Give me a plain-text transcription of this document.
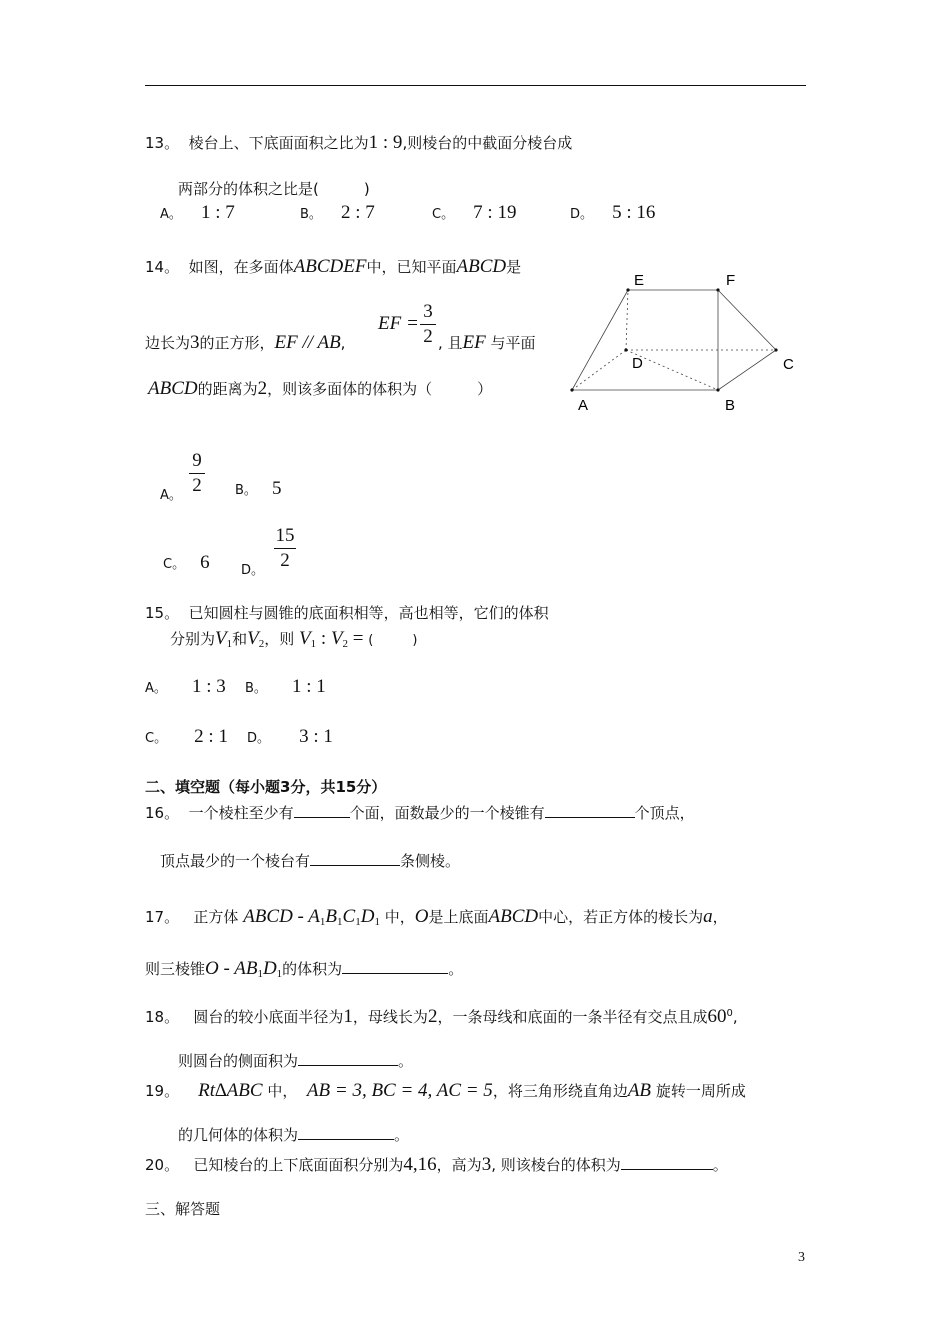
13。 棱台上、下底面面积之比为1 : 9,则棱台的中截面分棱台成
两部分的体积之比是(　　　)
A。 1 : 7	B。 2 : 7	C。 7 : 19	D。 5 : 16
14。 如图，在多面体ABCDEF中，已知平面ABCD是
边长为3的正方形，EF // AB,
EF =
3
2 , 且EF 与平面
ABCD的距离为2，则该多面体的体积为（　　　）
E	F
D	C
A	B
A。
9
2	B。 5
C。 6 D。
15
2
15。 已知圆柱与圆锥的底面积相等，高也相等，它们的体积
分别为$V_1$和$V_2$，则 $V_1$ : $V_2$ = (　　　)
A。 1 : 3 B。 1 : 1
C。 2 : 1 D。 3 : 1
二、填空题（每小题3分，共15分）
16。 一个棱柱至少有	个面，面数最少的一个棱锥有	个顶点，
顶点最少的一个棱台有	条侧棱。
17。 正方体 ABCD - $A_1B_1C_1D_1$ 中，O是上底面ABCD中心，若正方体的棱长为a，
则三棱锥O - $AB_1D_1$的体积为	。
18。 圆台的较小底面半径为1，母线长为2，一条母线和底面的一条半径有交点且成$60^0$,
则圆台的侧面积为	。
19。 Rt∆ABC 中， AB = 3, BC = 4, AC = 5，将三角形绕直角边AB 旋转一周所成
的几何体的体积为	。
20。 已知棱台的上下底面面积分别为4,16，高为3, 则该棱台的体积为	。
三、解答题
3
